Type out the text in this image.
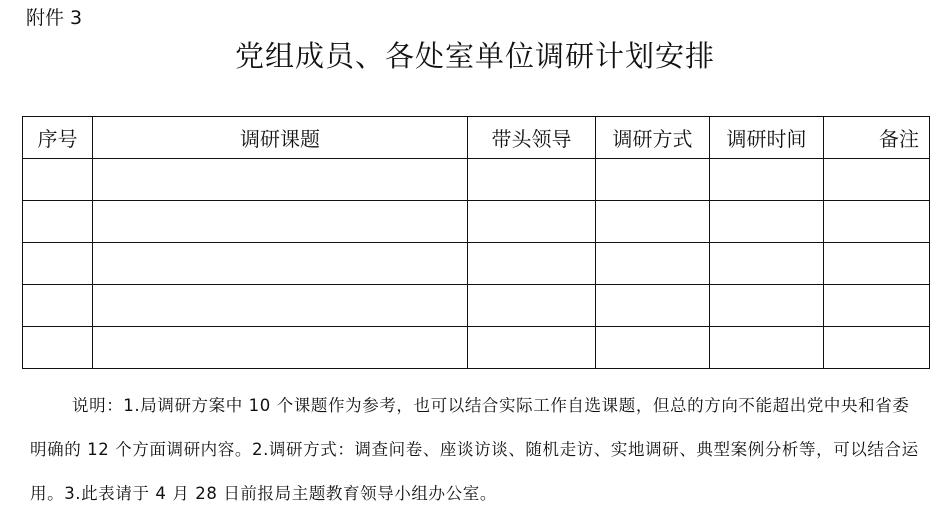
附件 3
党组成员、各处室单位调研计划安排
序号	调研课题	带头领导	调研方式	调研时间	备注

说明：1.局调研方案中 10 个课题作为参考，也可以结合实际工作自选课题，但总的方向不能超出党中央和省委明确的 12 个方面调研内容。2.调研方式：调查问卷、座谈访谈、随机走访、实地调研、典型案例分析等，可以结合运用。3.此表请于 4 月 28 日前报局主题教育领导小组办公室。
